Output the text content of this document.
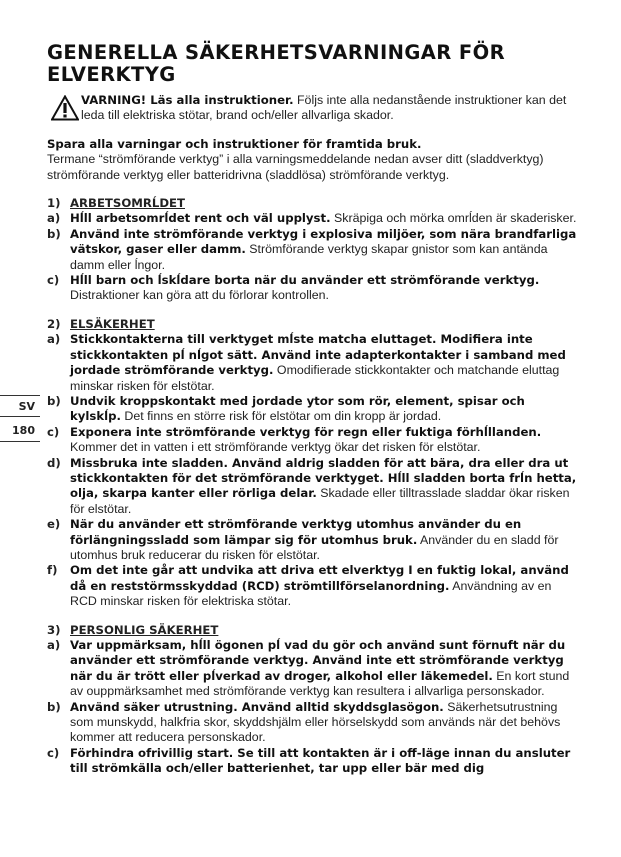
SV
180
GENERELLA SÄKERHETSVARNINGAR FÖR ELVERKTYG

VARNING! Läs alla instruktioner. Följs inte alla nedanstående instruktioner kan det leda till elektriska stötar, brand och/eller allvarliga skador.

Spara alla varningar och instruktioner för framtida bruk.
Termane “strömförande verktyg” i alla varningsmeddelande nedan avser ditt (sladdverktyg) strömförande verktyg eller batteridrivna (sladdlösa) strömförande verktyg.

1) ARBETSOMRĹDET
a) Hĺll arbetsomrĺdet rent och väl upplyst. Skräpiga och mörka omrĺden är skaderisker.
b) Använd inte strömförande verktyg i explosiva miljöer, som nära brandfarliga vätskor, gaser eller damm. Strömförande verktyg skapar gnistor som kan antända damm eller ĺngor.
c) Hĺll barn och ĺskĺdare borta när du använder ett strömförande verktyg. Distraktioner kan göra att du förlorar kontrollen.
2) ELSÄKERHET
a) Stickkontakterna till verktyget mĺste matcha eluttaget. Modifiera inte stickkontakten pĺ nĺgot sätt. Använd inte adapterkontakter i samband med jordade strömförande verktyg. Omodifierade stickkontakter och matchande eluttag minskar risken för elstötar.
b) Undvik kroppskontakt med jordade ytor som rör, element, spisar och kylskĺp. Det finns en större risk för elstötar om din kropp är jordad.
c) Exponera inte strömförande verktyg för regn eller fuktiga förhĺllanden. Kommer det in vatten i ett strömförande verktyg ökar det risken för elstötar.
d) Missbruka inte sladden. Använd aldrig sladden för att bära, dra eller dra ut stickkontakten för det strömförande verktyget. Hĺll sladden borta frĺn hetta, olja, skarpa kanter eller rörliga delar. Skadade eller tilltrasslade sladdar ökar risken för elstötar.
e) När du använder ett strömförande verktyg utomhus använder du en förlängningssladd som lämpar sig för utomhus bruk. Använder du en sladd för utomhus bruk reducerar du risken för elstötar.
f)	Om det inte går att undvika att driva ett elverktyg I en fuktig lokal, använd då en reststörmsskyddad (RCD) strömtillförselanordning. Användning av en RCD minskar risken för elektriska stötar.
3) PERSONLIG SÄKERHET
a) Var uppmärksam, hĺll ögonen pĺ vad du gör och använd sunt förnuft när du använder ett strömförande verktyg. Använd inte ett strömförande verktyg när du är trött eller pĺverkad av droger, alkohol eller läkemedel. En kort stund av ouppmärksamhet med strömförande verktyg kan resultera i allvarliga personskador.
b) Använd säker utrustning. Använd alltid skyddsglasögon. Säkerhetsutrustning som munskydd, halkfria skor, skyddshjälm eller hörselskydd som används när det behövs kommer att reducera personskador.
c) Förhindra ofrivillig start. Se till att kontakten är i off-läge innan du ansluter till strömkälla och/eller batterienhet, tar upp eller bär med dig
